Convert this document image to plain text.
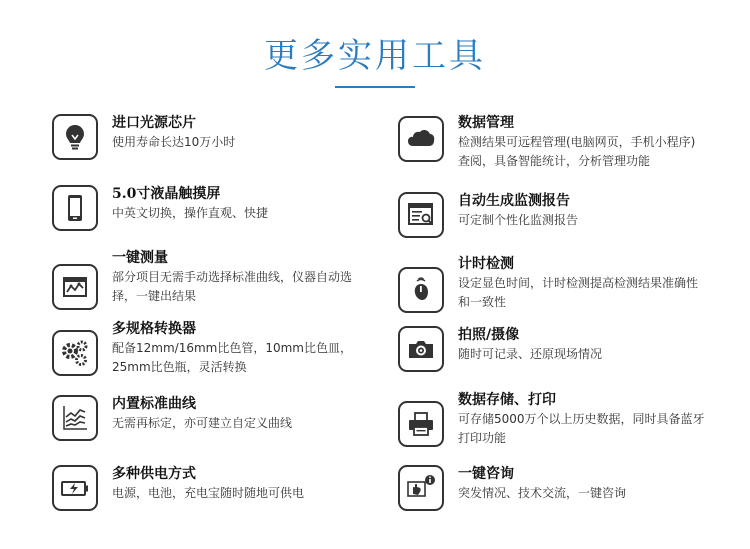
更多实用工具
进口光源芯片
使用寿命长达10万小时
5.0寸液晶触摸屏
中英文切换，操作直观、快捷
一键测量
部分项目无需手动选择标准曲线，仪器自动选择，一键出结果
多规格转换器
配备12mm/16mm比色管，10mm比色皿，25mm比色瓶，灵活转换
内置标准曲线
无需再标定，亦可建立自定义曲线
多种供电方式
电源，电池，充电宝随时随地可供电
数据管理
检测结果可远程管理(电脑网页，手机小程序)查阅，具备智能统计，分析管理功能
自动生成监测报告
可定制个性化监测报告
计时检测
设定显色时间，计时检测提高检测结果准确性和一致性
拍照/摄像
随时可记录、还原现场情况
数据存储、打印
可存储5000万个以上历史数据，同时具备蓝牙打印功能
一键咨询
突发情况、技术交流，一键咨询
